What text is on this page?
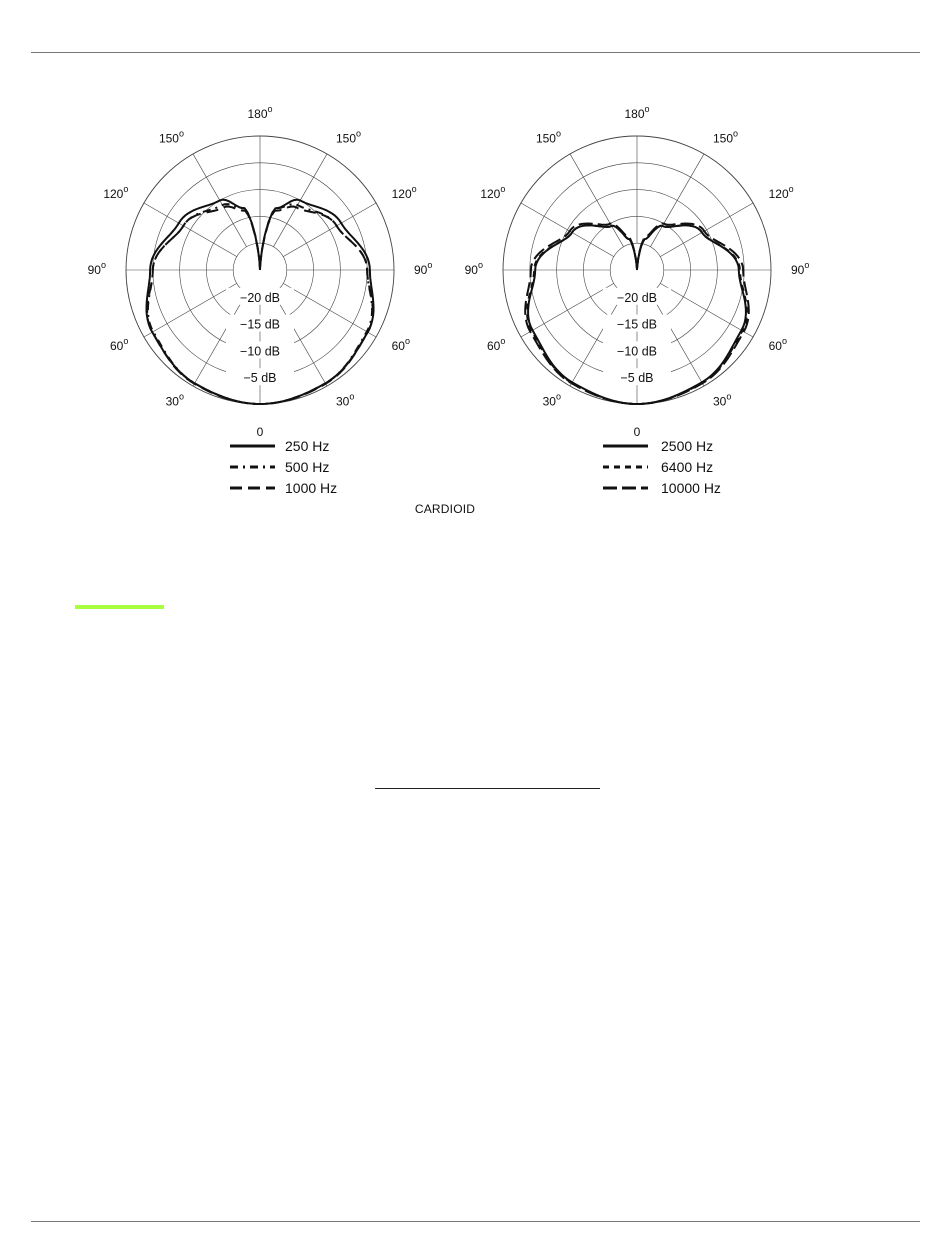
−20 dB
−15 dB
−10 dB
−5 dB
0
30$^o$	30$^o$
60$^o$	60$^o$
90$^o$	90$^o$
120$^o$	120$^o$
150$^o$	150$^o$
180$^o$
250 Hz
500 Hz
1000 Hz
−20 dB
−15 dB
−10 dB
−5 dB
0
30$^o$	30$^o$
60$^o$	60$^o$
90$^o$	90$^o$
120$^o$	120$^o$
150$^o$	150$^o$
180$^o$
2500 Hz
6400 Hz
10000 Hz
CARDIOID
